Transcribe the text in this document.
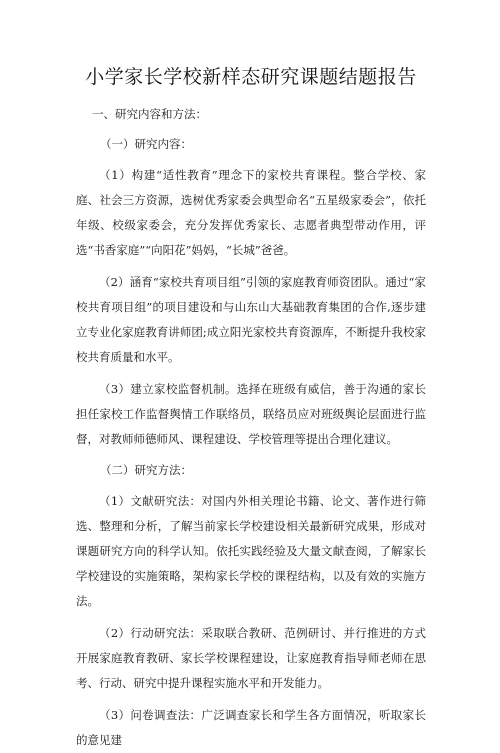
小学家长学校新样态研究课题结题报告
一、研究内容和方法：
（一）研究内容：

（1）构建“适性教育”理念下的家校共育课程。整合学校、家庭、社会三方资源，选树优秀家委会典型命名“五星级家委会”，依托年级、校级家委会，充分发挥优秀家长、志愿者典型带动作用，评选“书香家庭”“向阳花”妈妈，“长城”爸爸。

（2）涵育“家校共育项目组”引领的家庭教育师资团队。通过“家校共育项目组”的项目建设和与山东山大基础教育集团的合作,逐步建立专业化家庭教育讲师团;成立阳光家校共育资源库，不断提升我校家校共育质量和水平。

（3）建立家校监督机制。选择在班级有威信，善于沟通的家长担任家校工作监督舆情工作联络员，联络员应对班级舆论层面进行监督，对教师师德师风、课程建设、学校管理等提出合理化建议。

（二）研究方法：

（1）文献研究法：对国内外相关理论书籍、论文、著作进行筛选、整理和分析，了解当前家长学校建设相关最新研究成果，形成对课题研究方向的科学认知。依托实践经验及大量文献查阅，了解家长学校建设的实施策略，架构家长学校的课程结构，以及有效的实施方法。

（2）行动研究法：采取联合教研、范例研讨、并行推进的方式开展家庭教育教研、家长学校课程建设，让家庭教育指导师老师在思考、行动、研究中提升课程实施水平和开发能力。

（3）问卷调查法：广泛调查家长和学生各方面情况，听取家长的意见建
